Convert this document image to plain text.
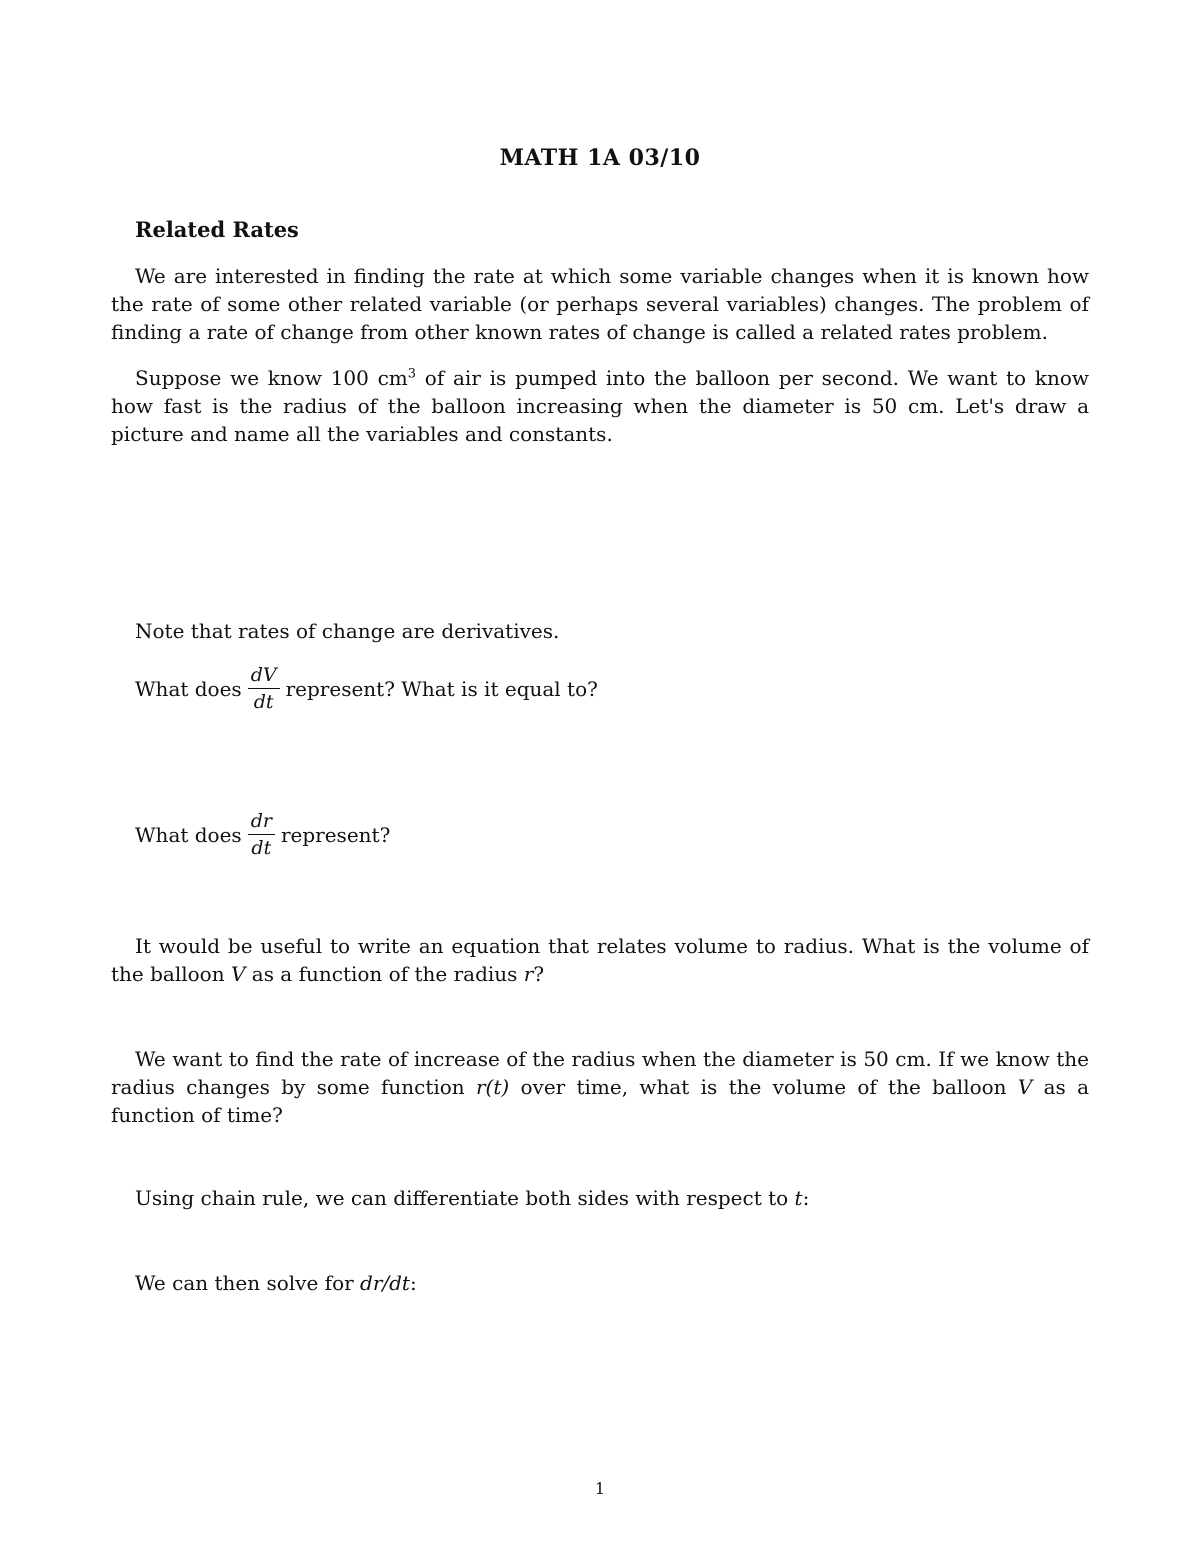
MATH 1A 03/10
Related Rates

We are interested in finding the rate at which some variable changes when it is known how the rate of some other related variable (or perhaps several variables) changes. The problem of finding a rate of change from other known rates of change is called a related rates problem.

Suppose we know 100 $cm^3$ of air is pumped into the balloon per second. We want to know how fast is the radius of the balloon increasing when the diameter is 50 cm. Let's draw a picture and name all the variables and constants.

Note that rates of change are derivatives.
What does $\frac{dV}{dt}$ represent? What is it equal to?
What does $\frac{dr}{dt}$ represent?

It would be useful to write an equation that relates volume to radius. What is the volume of the balloon V as a function of the radius r?

We want to find the rate of increase of the radius when the diameter is 50 cm. If we know the radius changes by some function r(t) over time, what is the volume of the balloon V as a function of time?

Using chain rule, we can differentiate both sides with respect to t:
We can then solve for dr/dt:
1
